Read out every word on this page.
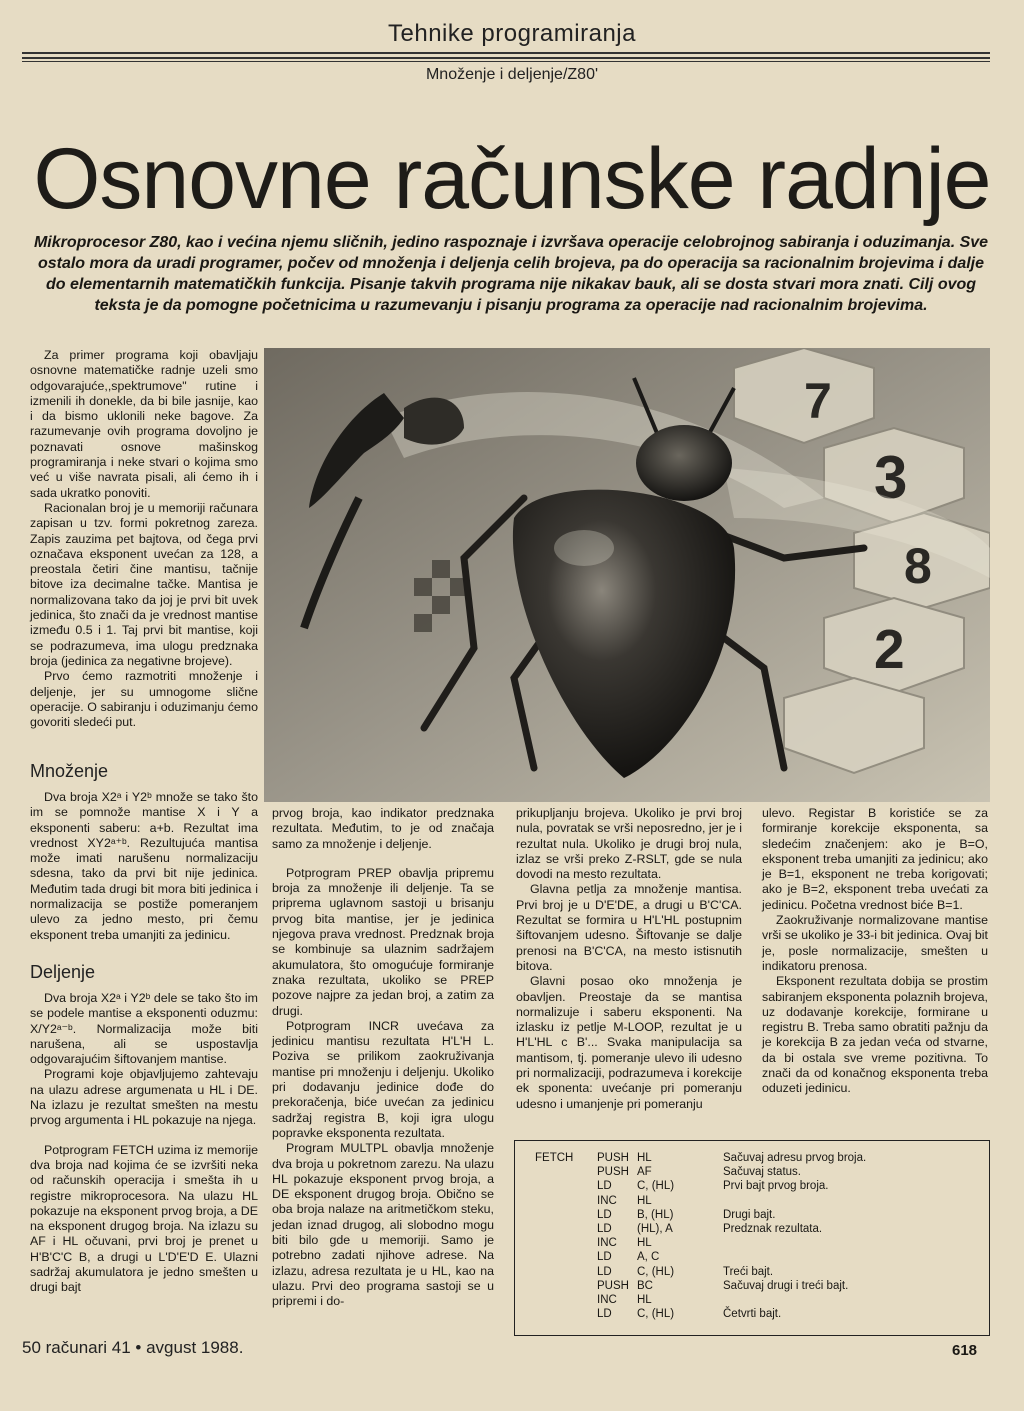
Tehnike programiranja
Množenje i deljenje/Z80'
Osnovne računske radnje
Mikroprocesor Z80, kao i većina njemu sličnih, jedino raspoznaje i izvršava operacije celobrojnog sabiranja i oduzimanja. Sve ostalo mora da uradi programer, počev od množenja i deljenja celih brojeva, pa do operacija sa racionalnim brojevima i dalje do elementarnih matematičkih funkcija. Pisanje takvih programa nije nikakav bauk, ali se dosta stvari mora znati. Cilj ovog teksta je da pomogne početnicima u razumevanju i pisanju programa za operacije nad racionalnim brojevima.

Za primer programa koji obavljaju osnovne matematičke radnje uzeli smo odgovarajuće,,spektrumove" rutine i izmenili ih donekle, da bi bile jasnije, kao i da bismo uklonili neke bagove. Za razumevanje ovih programa dovoljno je poznavati osnove mašinskog programiranja i neke stvari o kojima smo već u više navrata pisali, ali ćemo ih i sada ukratko ponoviti.

Racionalan broj je u memoriji računara zapisan u tzv. formi pokretnog zareza. Zapis zauzima pet bajtova, od čega prvi označava eksponent uvećan za 128, a preostala četiri čine mantisu, tačnije bitove iza decimalne tačke. Mantisa je normalizovana tako da joj je prvi bit uvek jedinica, što znači da je vrednost mantise između 0.5 i 1. Taj prvi bit mantise, koji se podrazumeva, ima ulogu predznaka broja (jedinica za negativne brojeve).

Prvo ćemo razmotriti množenje i deljenje, jer su umnogome slične operacije. O sabiranju i oduzimanju ćemo govoriti sledeći put.

Množenje

Dva broja X2ᵃ i Y2ᵇ množe se tako što im se pomnože mantise X i Y a eksponenti saberu: a+b. Rezultat ima vrednost XY2ᵃ⁺ᵇ. Rezultujuća mantisa može imati narušenu normalizaciju sdesna, tako da prvi bit nije jedinica. Međutim tada drugi bit mora biti jedinica i normalizacija se postiže pomeranjem ulevo za jedno mesto, pri čemu eksponent treba umanjiti za jedinicu.

Deljenje

Dva broja X2ᵃ i Y2ᵇ dele se tako što im se podele mantise a eksponenti oduzmu: X/Y2ᵃ⁻ᵇ. Normalizacija može biti narušena, ali se uspostavlja odgovarajućim šiftovanjem mantise.

Programi koje objavljujemo zahtevaju na ulazu adrese argumenata u HL i DE. Na izlazu je rezultat smešten na mestu prvog argumenta i HL pokazuje na njega.

Potprogram FETCH uzima iz memorije dva broja nad kojima će se izvršiti neka od računskih operacija i smešta ih u registre mikroprocesora. Na ulazu HL pokazuje na eksponent prvog broja, a DE na eksponent drugog broja. Na izlazu su AF i HL očuvani, prvi broj je prenet u H'B'C'C B, a drugi u L'D'E'D E. Ulazni sadržaj akumulatora je jedno smešten u drugi bajt

7
3
8
2

prvog broja, kao indikator predznaka rezultata. Međutim, to je od značaja samo za množenje i deljenje.

Potprogram PREP obavlja pripremu broja za množenje ili deljenje. Ta se priprema uglavnom sastoji u brisanju prvog bita mantise, jer je jedinica njegova prava vrednost. Predznak broja se kombinuje sa ulaznim sadržajem akumulatora, što omogućuje formiranje znaka rezultata, ukoliko se PREP pozove najpre za jedan broj, a zatim za drugi.

Potprogram INCR uvećava za jedinicu mantisu rezultata H'L'H L. Poziva se prilikom zaokruživanja mantise pri množenju i deljenju. Ukoliko pri dodavanju jedinice dođe do prekoračenja, biće uvećan za jedinicu sadržaj registra B, koji igra ulogu popravke eksponenta rezultata.

Program MULTPL obavlja množenje dva broja u pokretnom zarezu. Na ulazu HL pokazuje eksponent prvog broja, a DE eksponent drugog broja. Obično se oba broja nalaze na aritmetičkom steku, jedan iznad drugog, ali slobodno mogu biti bilo gde u memoriji. Samo je potrebno zadati njihove adrese. Na izlazu, adresa rezultata je u HL, kao na ulazu. Prvi deo programa sastoji se u pripremi i do-

prikupljanju brojeva. Ukoliko je prvi broj nula, povratak se vrši neposredno, jer je i rezultat nula. Ukoliko je drugi broj nula, izlaz se vrši preko Z-RSLT, gde se nula dovodi na mesto rezultata.

Glavna petlja za množenje mantisa. Prvi broj je u D'E'DE, a drugi u B'C'CA. Rezultat se formira u H'L'HL postupnim šiftovanjem udesno. Šiftovanje se dalje prenosi na B'C'CA, na mesto istisnutih bitova.

Glavni posao oko množenja je obavljen. Preostaje da se mantisa normalizuje i saberu eksponenti. Na izlasku iz petlje M-LOOP, rezultat je u H'L'HL c B'... Svaka manipulacija sa mantisom, tj. pomeranje ulevo ili udesno pri normalizaciji, podrazumeva i korekcije ek sponenta: uvećanje pri pomeranju udesno i umanjenje pri pomeranju

ulevo. Registar B koristiće se za formiranje korekcije eksponenta, sa sledećim značenjem: ako je B=O, eksponent treba umanjiti za jedinicu; ako je B=1, eksponent ne treba korigovati; ako je B=2, eksponent treba uvećati za jedinicu. Početna vrednost biće B=1.

Zaokruživanje normalizovane mantise vrši se ukoliko je 33-i bit jedinica. Ovaj bit je, posle normalizacije, smešten u indikatoru prenosa.

Eksponent rezultata dobija se prostim sabiranjem eksponenta polaznih brojeva, uz dodavanje korekcije, formirane u registru B. Treba samo obratiti pažnju da je korekcija B za jedan veća od stvarne, da bi ostala sve vreme pozitivna. To znači da od konačnog eksponenta treba oduzeti jedinicu.

FETCH	PUSH	HL	Sačuvaj adresu prvog broja.
	PUSH	AF	Sačuvaj status.
	LD	C, (HL)	Prvi bajt prvog broja.
	INC	HL	
	LD	B, (HL)	Drugi bajt.
	LD	(HL), A	Predznak rezultata.
	INC	HL	
	LD	A, C	
	LD	C, (HL)	Treći bajt.
	PUSH	BC	Sačuvaj drugi i treći bajt.
	INC	HL	
	LD	C, (HL)	Četvrti bajt.
50 računari 41 • avgust 1988.	618
